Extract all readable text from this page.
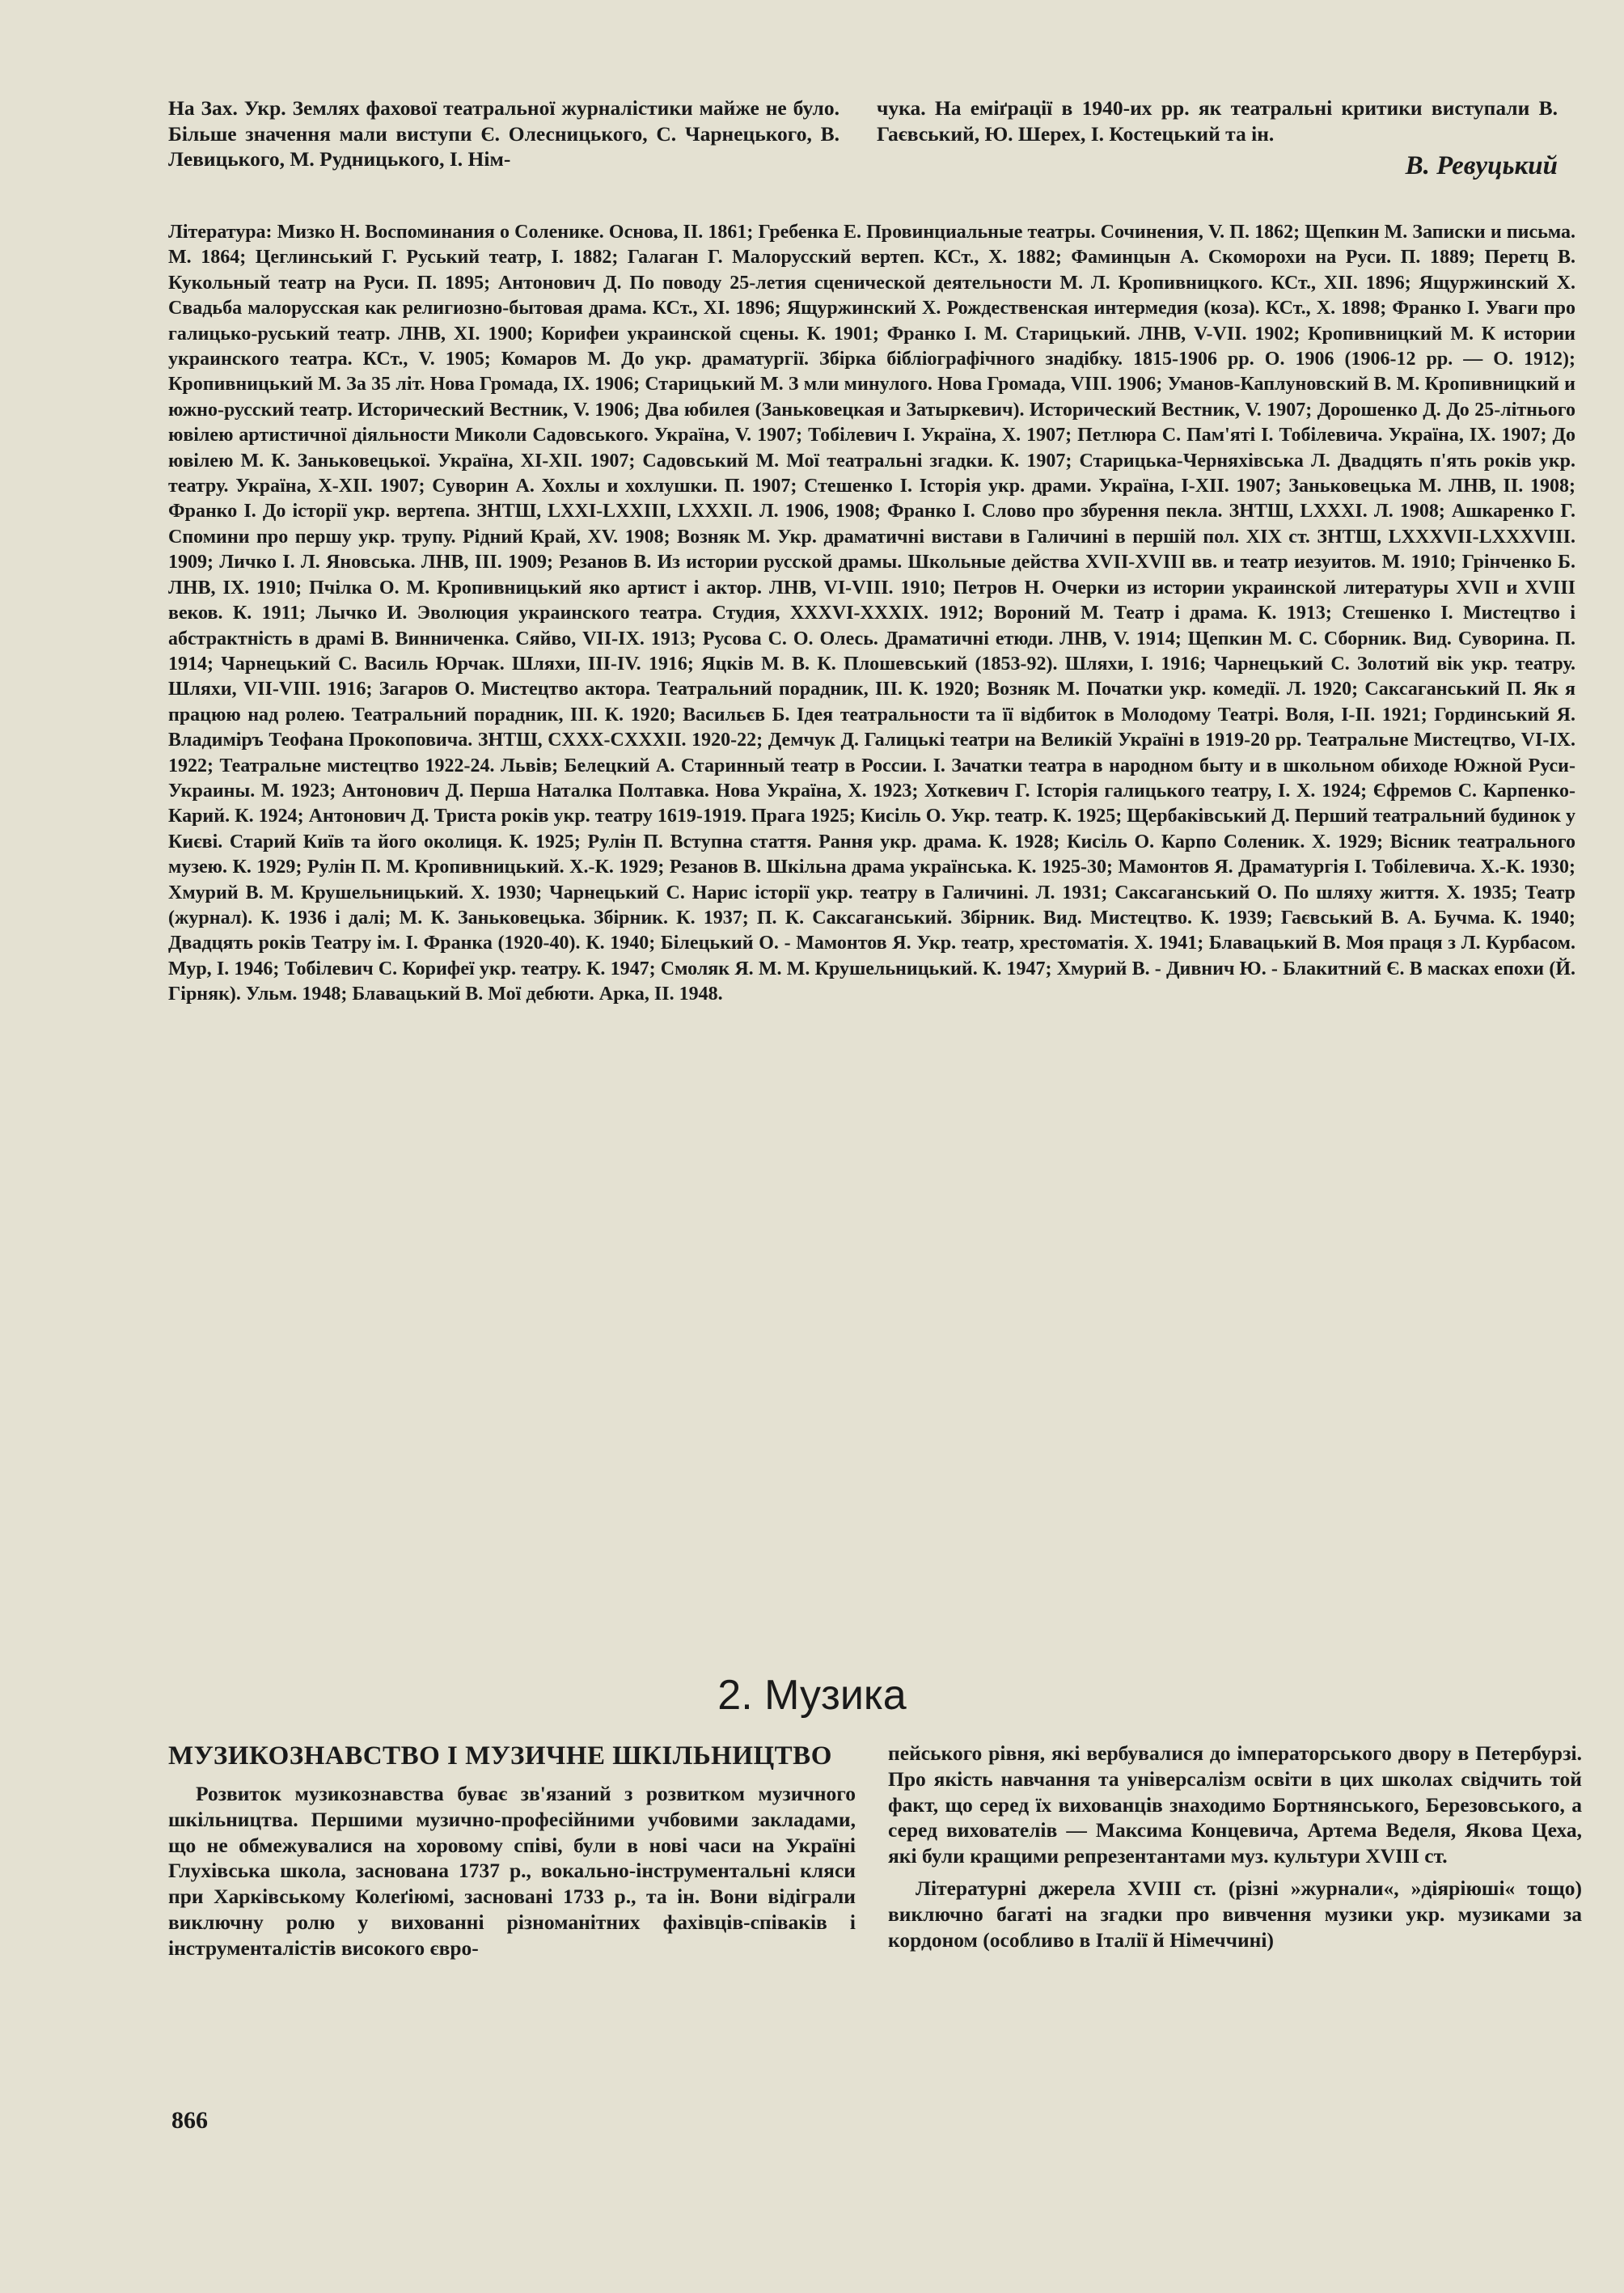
На Зах. Укр. Землях фахової театральної журналістики майже не було. Більше значення мали виступи Є. Олесницького, С. Чарнецького, В. Левицького, М. Рудницького, І. Нім-

чука. На еміґрації в 1940-их рр. як театральні критики виступали В. Гаєвський, Ю. Шерех, І. Костецький та ін.

В. Ревуцький

Література: Мизко Н. Воспоминания о Соленике. Основа, II. 1861; Гребенка Е. Провинциальные театры. Сочинения, V. П. 1862; Щепкин М. Записки и письма. М. 1864; Цеглинський Г. Руський театр, І. 1882; Галаган Г. Малорусский вертеп. КСт., Х. 1882; Фаминцын А. Скоморохи на Руси. П. 1889; Перетц В. Кукольный театр на Руси. П. 1895; Антонович Д. По поводу 25-летия сценической деятельности М. Л. Кропивницкого. КСт., ХІІ. 1896; Ящуржинский Х. Свадьба малорусская как религиозно-бытовая драма. КСт., ХІ. 1896; Ящуржинский Х. Рождественская интермедия (коза). КСт., Х. 1898; Франко І. Уваги про галицько-руський театр. ЛНВ, ХІ. 1900; Корифеи украинской сцены. К. 1901; Франко І. М. Старицький. ЛНВ, V-VII. 1902; Кропивницкий М. К истории украинского театра. КСт., V. 1905; Комаров М. До укр. драматургії. Збірка бібліографічного знадібку. 1815-1906 рр. О. 1906 (1906-12 рр. — О. 1912); Кропивницький М. За 35 літ. Нова Громада, IX. 1906; Старицький М. З мли минулого. Нова Громада, VIII. 1906; Уманов-Каплуновский В. М. Кропивницкий и южно-русский театр. Исторический Вестник, V. 1906; Два юбилея (Заньковецкая и Затыркевич). Исторический Вестник, V. 1907; Дорошенко Д. До 25-літнього ювілею артистичної діяльности Миколи Садовського. Україна, V. 1907; Тобілевич І. Україна, Х. 1907; Петлюра С. Пам'яті І. Тобілевича. Україна, IX. 1907; До ювілею М. К. Заньковецької. Україна, ХІ-ХІІ. 1907; Садовський М. Мої театральні згадки. К. 1907; Старицька-Черняхівська Л. Двадцять п'ять років укр. театру. Україна, Х-ХІІ. 1907; Суворин А. Хохлы и хохлушки. П. 1907; Стешенко І. Історія укр. драми. Україна, І-ХІІ. 1907; Заньковецька М. ЛНВ, II. 1908; Франко І. До історії укр. вертепа. ЗНТШ, LXXI-LXXIII, LXXXII. Л. 1906, 1908; Франко І. Слово про збурення пекла. ЗНТШ, LXXXI. Л. 1908; Ашкаренко Г. Спомини про першу укр. трупу. Рідний Край, XV. 1908; Возняк М. Укр. драматичні вистави в Галичині в першій пол. XIX ст. ЗНТШ, LXXXVII-LXXXVIII. 1909; Личко І. Л. Яновська. ЛНВ, III. 1909; Резанов В. Из истории русской драмы. Школьные действа XVII-XVIII вв. и театр иезуитов. М. 1910; Грінченко Б. ЛНВ, IX. 1910; Пчілка О. М. Кропивницький яко артист і актор. ЛНВ, VI-VIII. 1910; Петров Н. Очерки из истории украинской литературы XVII и XVIII веков. К. 1911; Лычко И. Эволюция украинского театра. Студия, XXXVI-XXXIX. 1912; Вороний М. Театр і драма. К. 1913; Стешенко І. Мистецтво і абстрактність в драмі В. Винниченка. Сяйво, VII-IX. 1913; Русова С. О. Олесь. Драматичні етюди. ЛНВ, V. 1914; Щепкин М. С. Сборник. Вид. Суворина. П. 1914; Чарнецький С. Василь Юрчак. Шляхи, III-IV. 1916; Яцків М. В. К. Плошевський (1853-92). Шляхи, І. 1916; Чарнецький С. Золотий вік укр. театру. Шляхи, VII-VIII. 1916; Загаров О. Мистецтво актора. Театральний порадник, III. К. 1920; Возняк М. Початки укр. комедії. Л. 1920; Саксаганський П. Як я працюю над ролею. Театральний порадник, III. К. 1920; Васильєв Б. Ідея театральности та її відбиток в Молодому Театрі. Воля, І-II. 1921; Гординський Я. Владиміръ Теофана Прокоповича. ЗНТШ, CXXX-CXXXII. 1920-22; Демчук Д. Галицькі театри на Великій Україні в 1919-20 рр. Театральне Мистецтво, VI-IX. 1922; Театральне мистецтво 1922-24. Львів; Белецкий А. Старинный театр в России. І. Зачатки театра в народном быту и в школьном обиходе Южной Руси-Украины. М. 1923; Антонович Д. Перша Наталка Полтавка. Нова Україна, Х. 1923; Хоткевич Г. Історія галицького театру, І. Х. 1924; Єфремов С. Карпенко-Карий. К. 1924; Антонович Д. Триста років укр. театру 1619-1919. Прага 1925; Кисіль О. Укр. театр. К. 1925; Щербаківський Д. Перший театральний будинок у Києві. Старий Київ та його околиця. К. 1925; Рулін П. Вступна стаття. Рання укр. драма. К. 1928; Кисіль О. Карпо Соленик. Х. 1929; Вісник театрального музею. К. 1929; Рулін П. М. Кропивницький. Х.-К. 1929; Резанов В. Шкільна драма українська. К. 1925-30; Мамонтов Я. Драматургія І. Тобілевича. Х.-К. 1930; Хмурий В. М. Крушельницький. Х. 1930; Чарнецький С. Нарис історії укр. театру в Галичині. Л. 1931; Саксаганський О. По шляху життя. Х. 1935; Театр (журнал). К. 1936 і далі; М. К. Заньковецька. Збірник. К. 1937; П. К. Саксаганський. Збірник. Вид. Мистецтво. К. 1939; Гаєвський В. А. Бучма. К. 1940; Двадцять років Театру ім. І. Франка (1920-40). К. 1940; Білецький О. - Мамонтов Я. Укр. театр, хрестоматія. Х. 1941; Блавацький В. Моя праця з Л. Курбасом. Мур, І. 1946; Тобілевич С. Корифеї укр. театру. К. 1947; Смоляк Я. М. М. Крушельницький. К. 1947; Хмурий В. - Дивнич Ю. - Блакитний Є. В масках епохи (Й. Гірняк). Ульм. 1948; Блавацький В. Мої дебюти. Арка, II. 1948.

2. Музика
МУЗИКОЗНАВСТВО І МУЗИЧНЕ ШКІЛЬНИЦТВО

Розвиток музикознавства буває зв'язаний з розвитком музичного шкільництва. Першими музично-професійними учбовими закладами, що не обмежувалися на хоровому співі, були в нові часи на Україні Глухівська школа, заснована 1737 р., вокально-інструментальні кляси при Харківському Колеґіюмі, засновані 1733 р., та ін. Вони відіграли виключну ролю у вихованні різноманітних фахівців-співаків і інструменталістів високого євро-

пейського рівня, які вербувалися до імператорського двору в Петербурзі. Про якість навчання та універсалізм освіти в цих школах свідчить той факт, що серед їх вихованців знаходимо Бортнянського, Березовського, а серед вихователів — Максима Концевича, Артема Веделя, Якова Цеха, які були кращими репрезентантами муз. культури XVIII ст.

Літературні джерела XVIII ст. (різні »журнали«, »діяріюші« тощо) виключно багаті на згадки про вивчення музики укр. музиками за кордоном (особливо в Італії й Німеччині)

866
